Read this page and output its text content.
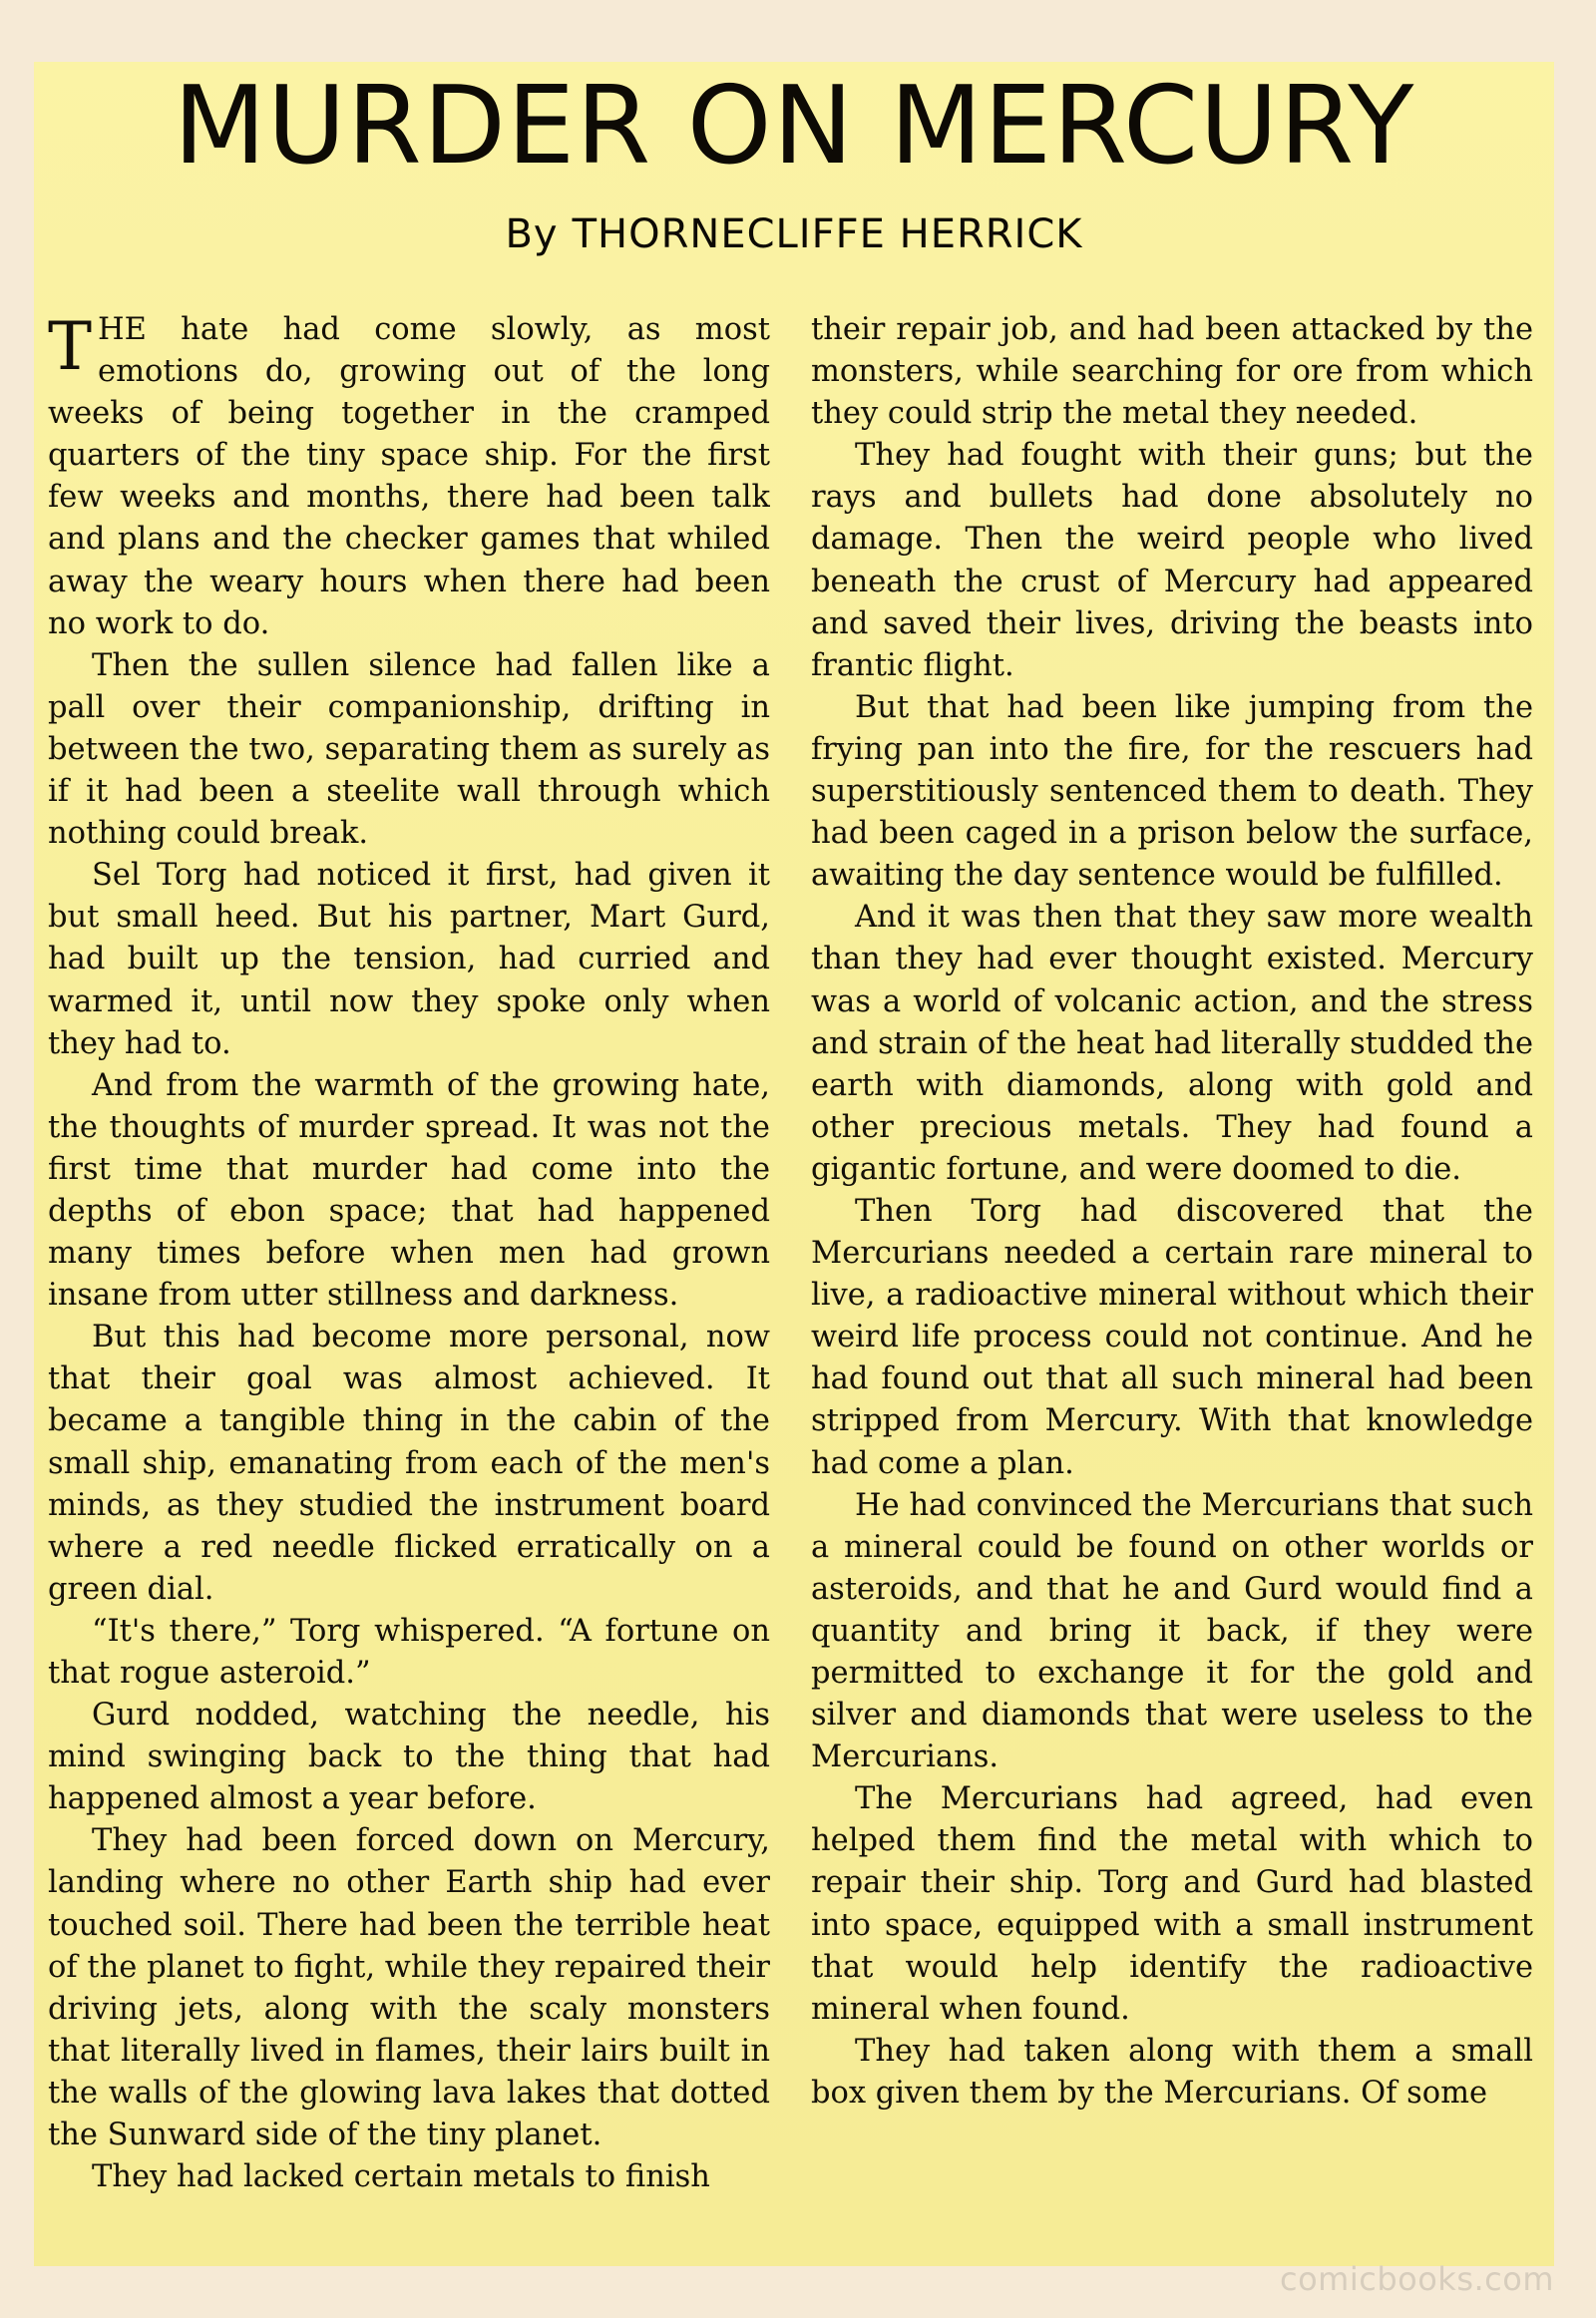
MURDER ON MERCURY
By THORNECLIFFE HERRICK

THE hate had come slowly, as most emotions do, growing out of the long weeks of being together in the cramped quarters of the tiny space ship. For the first few weeks and months, there had been talk and plans and the checker games that whiled away the weary hours when there had been no work to do.

Then the sullen silence had fallen like a pall over their companionship, drifting in between the two, separating them as surely as if it had been a steelite wall through which nothing could break.

Sel Torg had noticed it first, had given it but small heed. But his partner, Mart Gurd, had built up the tension, had curried and warmed it, until now they spoke only when they had to.

And from the warmth of the growing hate, the thoughts of murder spread. It was not the first time that murder had come into the depths of ebon space; that had happened many times before when men had grown insane from utter stillness and darkness.

But this had become more personal, now that their goal was almost achieved. It became a tangible thing in the cabin of the small ship, emanating from each of the men's minds, as they studied the instrument board where a red needle flicked erratically on a green dial.

“It's there,” Torg whispered. “A fortune on that rogue asteroid.”

Gurd nodded, watching the needle, his mind swinging back to the thing that had happened almost a year before.

They had been forced down on Mercury, landing where no other Earth ship had ever touched soil. There had been the terrible heat of the planet to fight, while they repaired their driving jets, along with the scaly monsters that literally lived in flames, their lairs built in the walls of the glowing lava lakes that dotted the Sunward side of the tiny planet.

They had lacked certain metals to finish

their repair job, and had been attacked by the monsters, while searching for ore from which they could strip the metal they needed.

They had fought with their guns; but the rays and bullets had done absolutely no damage. Then the weird people who lived beneath the crust of Mercury had appeared and saved their lives, driving the beasts into frantic flight.

But that had been like jumping from the frying pan into the fire, for the rescuers had superstitiously sentenced them to death. They had been caged in a prison below the surface, awaiting the day sentence would be fulfilled.

And it was then that they saw more wealth than they had ever thought existed. Mercury was a world of volcanic action, and the stress and strain of the heat had literally studded the earth with diamonds, along with gold and other precious metals. They had found a gigantic fortune, and were doomed to die.

Then Torg had discovered that the Mercurians needed a certain rare mineral to live, a radioactive mineral without which their weird life process could not continue. And he had found out that all such mineral had been stripped from Mercury. With that knowledge had come a plan.

He had convinced the Mercurians that such a mineral could be found on other worlds or asteroids, and that he and Gurd would find a quantity and bring it back, if they were permitted to exchange it for the gold and silver and diamonds that were useless to the Mercurians.

The Mercurians had agreed, had even helped them find the metal with which to repair their ship. Torg and Gurd had blasted into space, equipped with a small instrument that would help identify the radioactive mineral when found.

They had taken along with them a small box given them by the Mercurians. Of some

comicbooks.com
